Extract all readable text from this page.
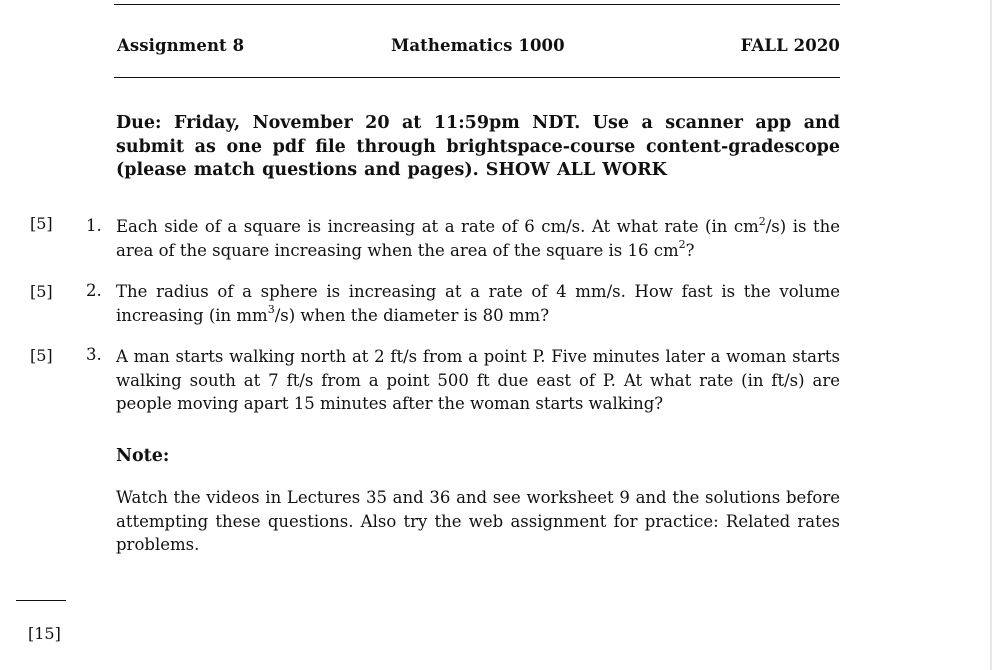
Assignment 8	Mathematics 1000	FALL 2020
Due: Friday, November 20 at 11:59pm NDT. Use a scanner app and submit as one pdf file through brightspace-course content-gradescope (please match questions and pages). SHOW ALL WORK
[5] 1. Each side of a square is increasing at a rate of 6 cm/s. At what rate (in $cm^2/s$) is the area of the square increasing when the area of the square is 16 $cm^2$?
[5] 2. The radius of a sphere is increasing at a rate of 4 mm/s. How fast is the volume increasing (in $mm^3/s$) when the diameter is 80 mm?
[5] 3. A man starts walking north at 2 ft/s from a point P. Five minutes later a woman starts walking south at 7 ft/s from a point 500 ft due east of P. At what rate (in ft/s) are people moving apart 15 minutes after the woman starts walking?
Note:
Watch the videos in Lectures 35 and 36 and see worksheet 9 and the solutions before attempting these questions. Also try the web assignment for practice: Related rates problems.
[15]
